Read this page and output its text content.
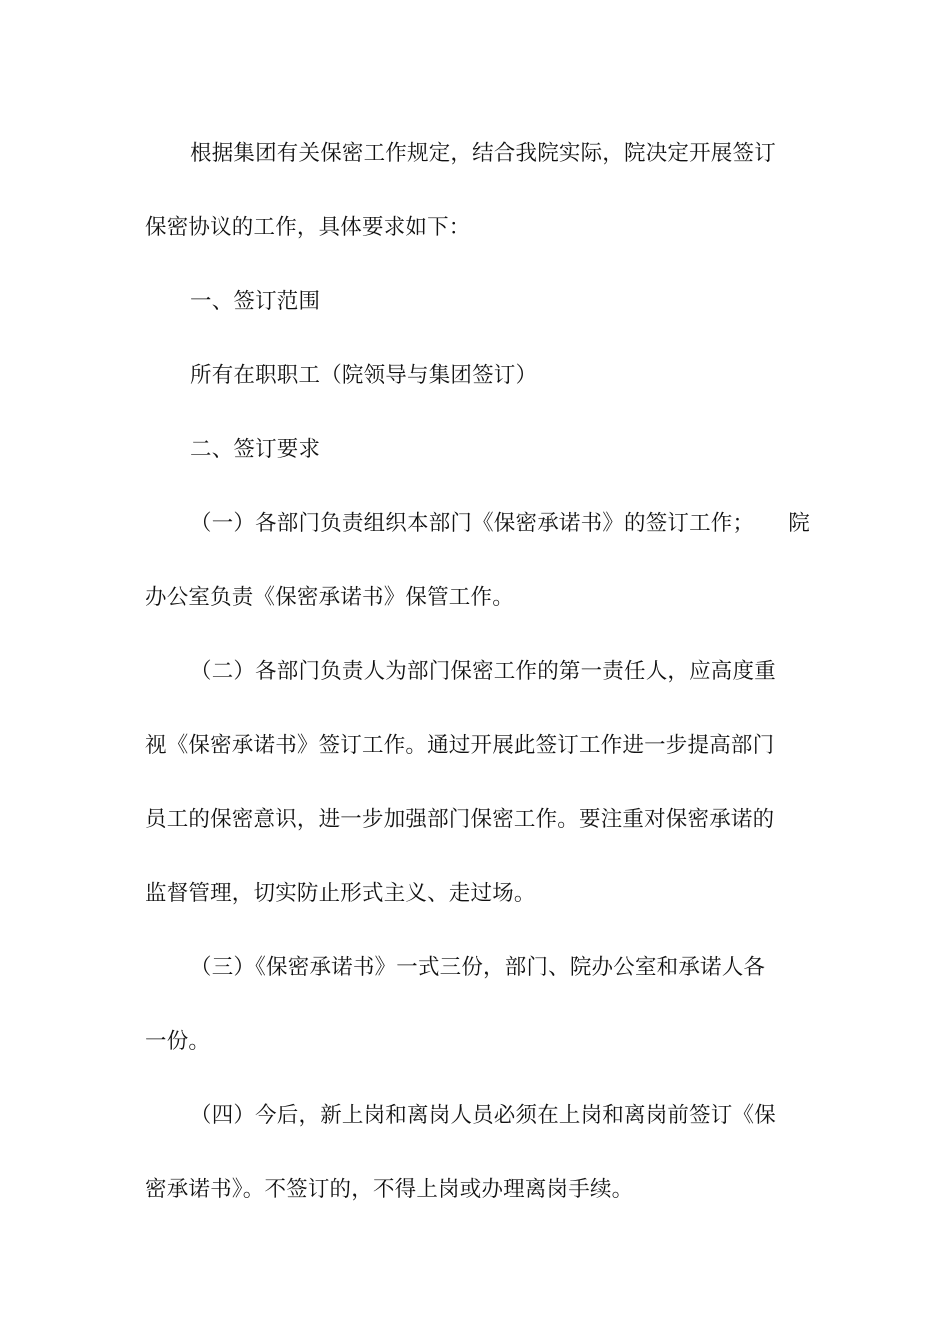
根据集团有关保密工作规定，结合我院实际，院决定开展签订
保密协议的工作，具体要求如下：
一、签订范围
所有在职职工（院领导与集团签订）
二、签订要求
（一）各部门负责组织本部门《保密承诺书》的签订工作； 院
办公室负责《保密承诺书》保管工作。
（二）各部门负责人为部门保密工作的第一责任人，应高度重
视《保密承诺书》签订工作。通过开展此签订工作进一步提高部门
员工的保密意识，进一步加强部门保密工作。要注重对保密承诺的
监督管理，切实防止形式主义、走过场。
（三）《保密承诺书》一式三份，部门、院办公室和承诺人各
一份。
（四）今后，新上岗和离岗人员必须在上岗和离岗前签订《保
密承诺书》。不签订的，不得上岗或办理离岗手续。
